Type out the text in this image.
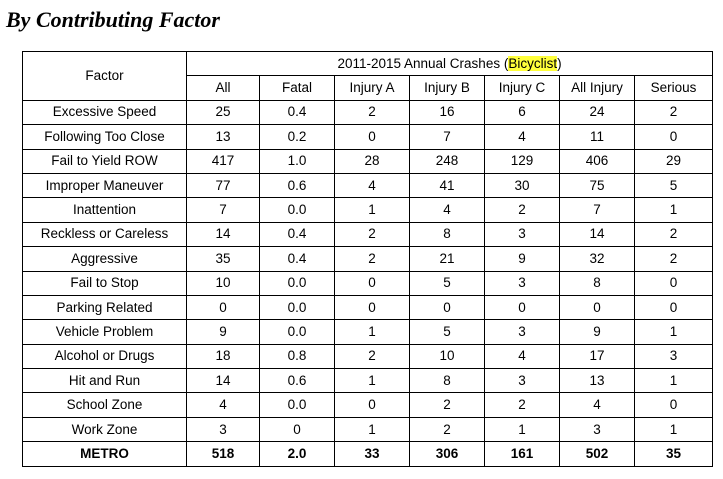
By Contributing Factor
Factor	2011-2015 Annual Crashes (Bicyclist)						
	All	Fatal	Injury A	Injury B	Injury C	All Injury	Serious
Excessive Speed	25	0.4	2	16	6	24	2
Following Too Close	13	0.2	0	7	4	11	0
Fail to Yield ROW	417	1.0	28	248	129	406	29
Improper Maneuver	77	0.6	4	41	30	75	5
Inattention	7	0.0	1	4	2	7	1
Reckless or Careless	14	0.4	2	8	3	14	2
Aggressive	35	0.4	2	21	9	32	2
Fail to Stop	10	0.0	0	5	3	8	0
Parking Related	0	0.0	0	0	0	0	0
Vehicle Problem	9	0.0	1	5	3	9	1
Alcohol or Drugs	18	0.8	2	10	4	17	3
Hit and Run	14	0.6	1	8	3	13	1
School Zone	4	0.0	0	2	2	4	0
Work Zone	3	0	1	2	1	3	1
METRO	518	2.0	33	306	161	502	35
